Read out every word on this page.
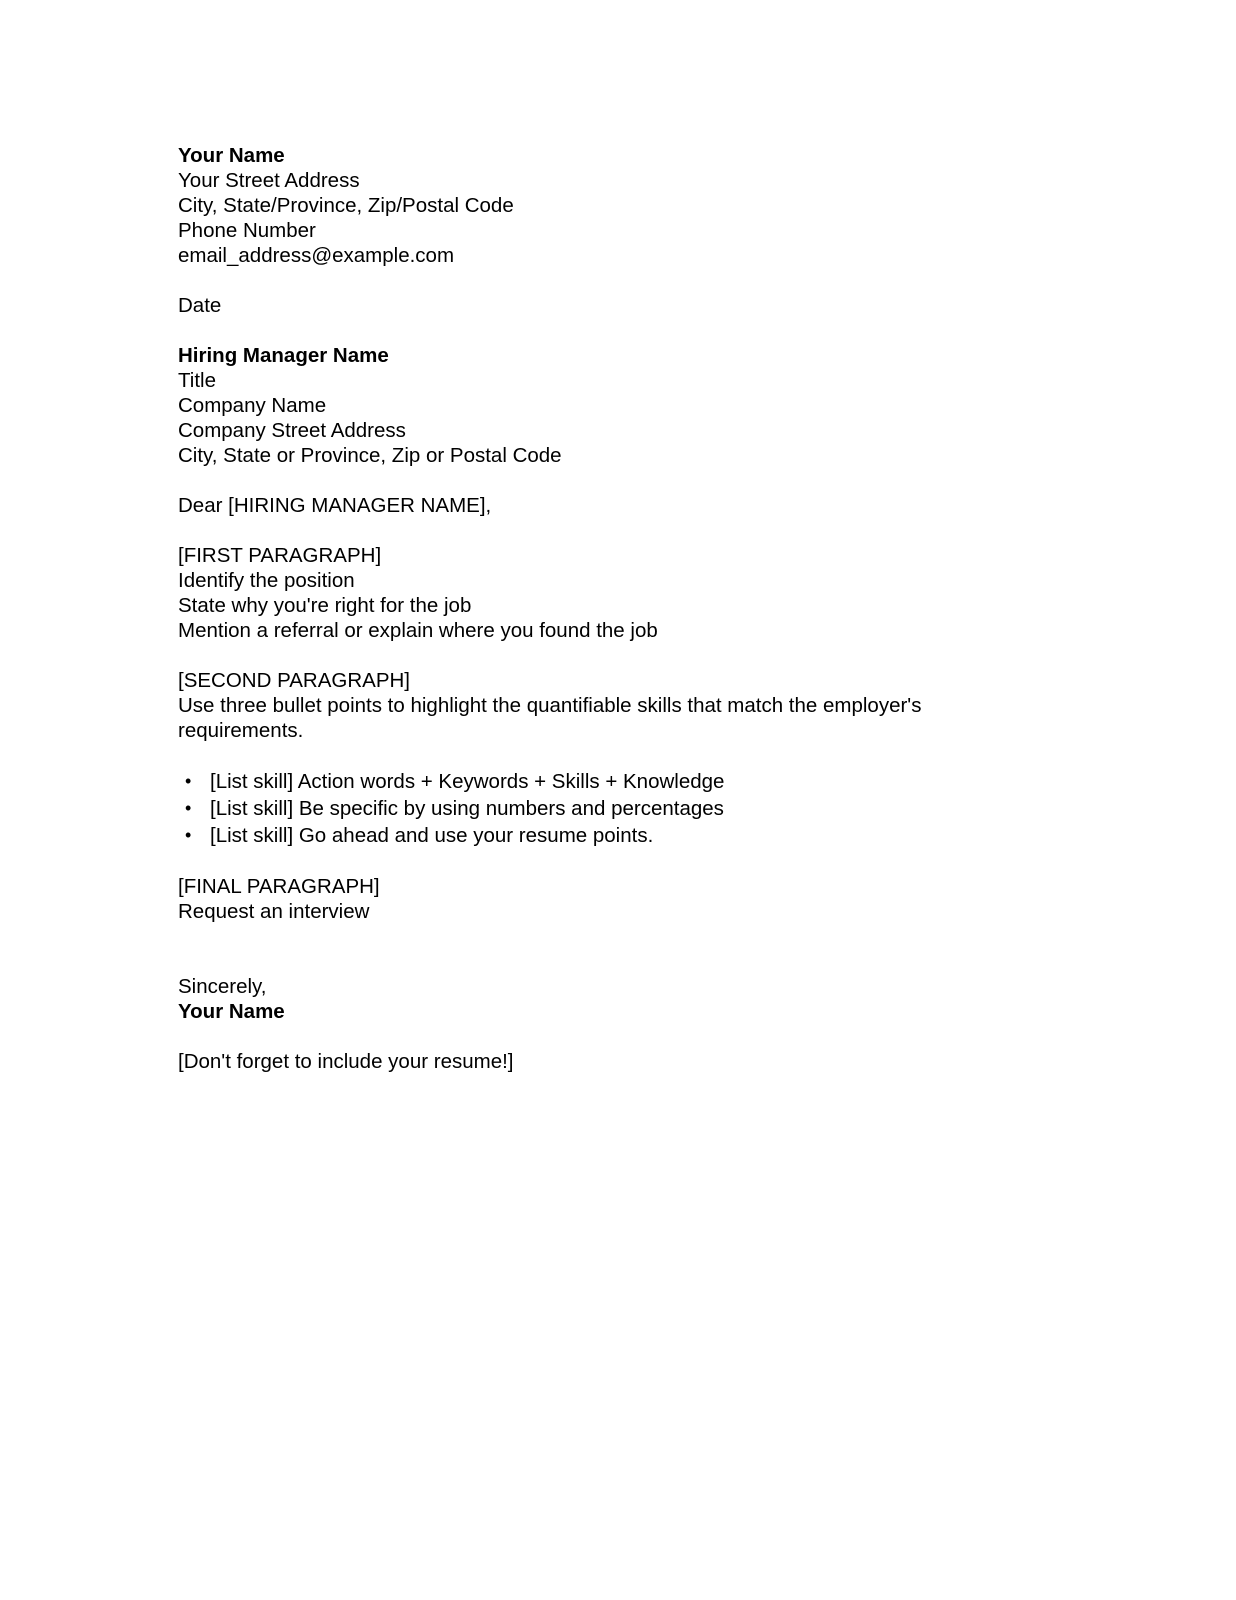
Your Name
Your Street Address
City, State/Province, Zip/Postal Code
Phone Number
email_address@example.com
Date
Hiring Manager Name
Title
Company Name
Company Street Address
City, State or Province, Zip or Postal Code
Dear [HIRING MANAGER NAME],
[FIRST PARAGRAPH]
Identify the position
State why you're right for the job
Mention a referral or explain where you found the job
[SECOND PARAGRAPH]
Use three bullet points to highlight the quantifiable skills that match the employer's
requirements.
• [List skill] Action words + Keywords + Skills + Knowledge
• [List skill] Be specific by using numbers and percentages
• [List skill] Go ahead and use your resume points.
[FINAL PARAGRAPH]
Request an interview
Sincerely,
Your Name
[Don't forget to include your resume!]
